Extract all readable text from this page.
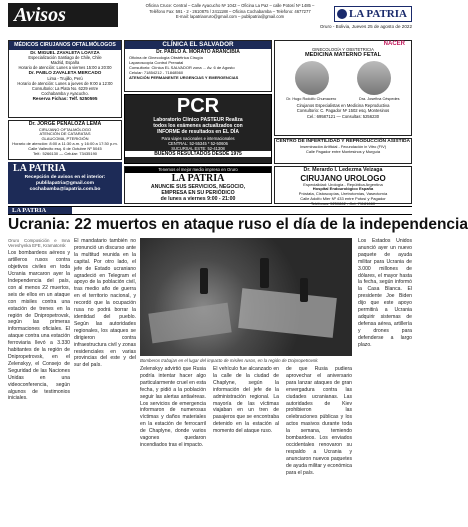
Avisos	Oficina Cruce: Central – Calle Ayacucho Nº 1042 – Oficina La Paz – calle Potosí Nº 1485 –
Teléfono Fax: 591 - 2 - 2610875 / 2411188 – Oficina Cochabamba – Telefono: 4677277
E-mail: lapatriaoruro@gmail.com – publipatria@gmail.com	LA PATRIA
Oruro - Bolivia, Jueves 25 de agosto de 2022
MÉDICOS CIRUJANOS OFTALMÓLOGOS
Dr. MIGUEL ZAVALETA LOAYZA
Especialización Santiago de Chile, Chile
Madrid, España
Horario de atención: Lunes a viernes 15:00 a 20:00
Dr. PABLO ZAVALETA MERCADO
Lima - Trujillo, Perú
Horario de atención: Lunes a jueves de 9:00 a 12:00
Consultorio: La Plata No. 6229 entre
Cochabamba y Ayacucho.
Reserva Fichas: Telf. 5250595
Dr. JORGE PEÑALOZA LEMA
CIRUJANO OFTALMÓLOGO
ATENCIÓN DE CATARATAS
GLAUCOMA, PTERIGIÓN
Horario de atención: 8:00 a 11:30 a.m. y 16:00 a 17:30 p.m.
Calle Vallecito esq. 6 de Octubre Nº 5045
Telf.: 5266130 — Celular: 73435190
LA PATRIA
Recepción de avisos en el interior:
publilapatria@gmail.com
cochabamba@lapatria.com.bo
CLÍNICA EL SALVADOR
Dr. PABLO A. MORATO ARANCIBIA
Oficina de Ginecología Obstétrica Cirugía
Laparoscopía Control Prenatal
Consultorio: Clínica EL SALVADOR zona ... Av. 6 de Agosto
Celular: 71854212 - 71848560
ATENCIÓN PERMANENTE URGENCIAS Y EMERGENCIAS
PCR
Laboratorio Clínico PASTEUR Realiza
todos los exámenes actualizados con
INFORME de resultados en EL DÍA
Para viajes nacionales e internacionales
CENTRAL: 52-55345 * 52-50606
SUCURSAL ESTE: 52-41308
BUENOS RESULTADOS DESDE 1975
Tenemos el mejor medio impreso en Oruro
LA PATRIA
ANUNCIE SUS SERVICIOS, NEGOCIO,
EMPRESA EN SU PERIÓDICO
de lunes a viernes 9:00 - 21:00
NACER
GINECOLOGÍA Y OBSTETRICIA
MEDICINA MATERNO FETAL
Dr. Hugo Rodolfo Chumacero	Dra. Josefina Céspedes
Cirujanos Especialistas en Medicina Reproductiva
Consultorio: C. Pagador Nº 1502 esq. Montesinos
Cel.: 69587121 — Consultas: 5256230
CENTRO DE INFERTILIDAD Y REPRODUCCIÓN ASISTIDA
Inseminación Artificial - Fecundación in Vitro (FIV)
Calle Pagador entre Montesinos y Murguía
Dr. Merardo I. Ledezma Veizaga
CIRUJANO UROLOGO
Especialidad: Urología - República Argentina
Hospital Endourológico España
Próstata, Cistoscopías, Uretrotomías, Vasectomía
Calle Adolfo Mier Nº 433 entre Potosí y Pagador
Teléfonos: 5250862 - Cel. 71181660
LA PATRIA
Ucrania: 22 muertos en ataque ruso el día de la independencia
Oruro Composición e Inna Vereshynka EFE, Kramatorsk

Los bombardeos aéreos y artilleros rusos contra objetivos civiles en toda Ucrania marcaron ayer la Independencia del país, con al menos 22 muertos, seis de ellos en un ataque con misiles contra una estación de trenes en la región de Dnipropetrovsk, según las primeras informaciones oficiales. El ataque contra una estación ferroviaria llevó a 3.330 habitantes de la región de Dnipropetrovsk, en el Zelenskyy, el Consejo de Seguridad de las Naciones Unidas en una videoconferencia, según algunos de testimonios iniciales.

El mandatario también no pronunció un discurso ante la multitud reunida en la capital. Por otro lado, el jefe de Estado ucraniano agradeció en Telegram el apoyo de la población civil, tras medio año de guerra en el territorio nacional, y recordó que la ocupación rusa no podrá borrar la identidad del pueblo. Según las autoridades regionales, los ataques se dirigieron contra infraestructura civil y zonas residenciales en varias provincias del este y del sur del país.

Bomberos trabajan en el lugar del impacto de misiles rusos, en la región de Dnipropetrovsk.

Zelenskyy advirtió que Rusia podría intentar hacer algo particularmente cruel en esta fecha, y pidió a la población seguir las alertas antiaéreas. Los servicios de emergencia informaron de numerosas víctimas y daños materiales en la estación de ferrocarril de Chaplyne, donde varios vagones quedaron incendiados tras el impacto.

El vehículo fue alcanzado en la calle de la ciudad de Chaplyne, según la información del jefe de la administración regional. La mayoría de las víctimas viajaban en un tren de pasajeros que se encontraba detenido en la estación al momento del ataque ruso.

de que Rusia pudiera aprovechar el aniversario para lanzar ataques de gran envergadura contra las ciudades ucranianas. Las autoridades de Kiev prohibieron las celebraciones públicas y los actos masivos durante toda la semana, temiendo bombardeos. Los enviados occidentales renovaron su respaldo a Ucrania y anunciaron nuevos paquetes de ayuda militar y económica para el país.

Los Estados Unidos anunció ayer un nuevo paquete de ayuda militar para Ucrania de 3.000 millones de dólares, el mayor hasta la fecha, según informó la Casa Blanca. El presidente Joe Biden dijo que este apoyo permitirá a Ucrania adquirir sistemas de defensa aérea, artillería y drones para defenderse a largo plazo.
